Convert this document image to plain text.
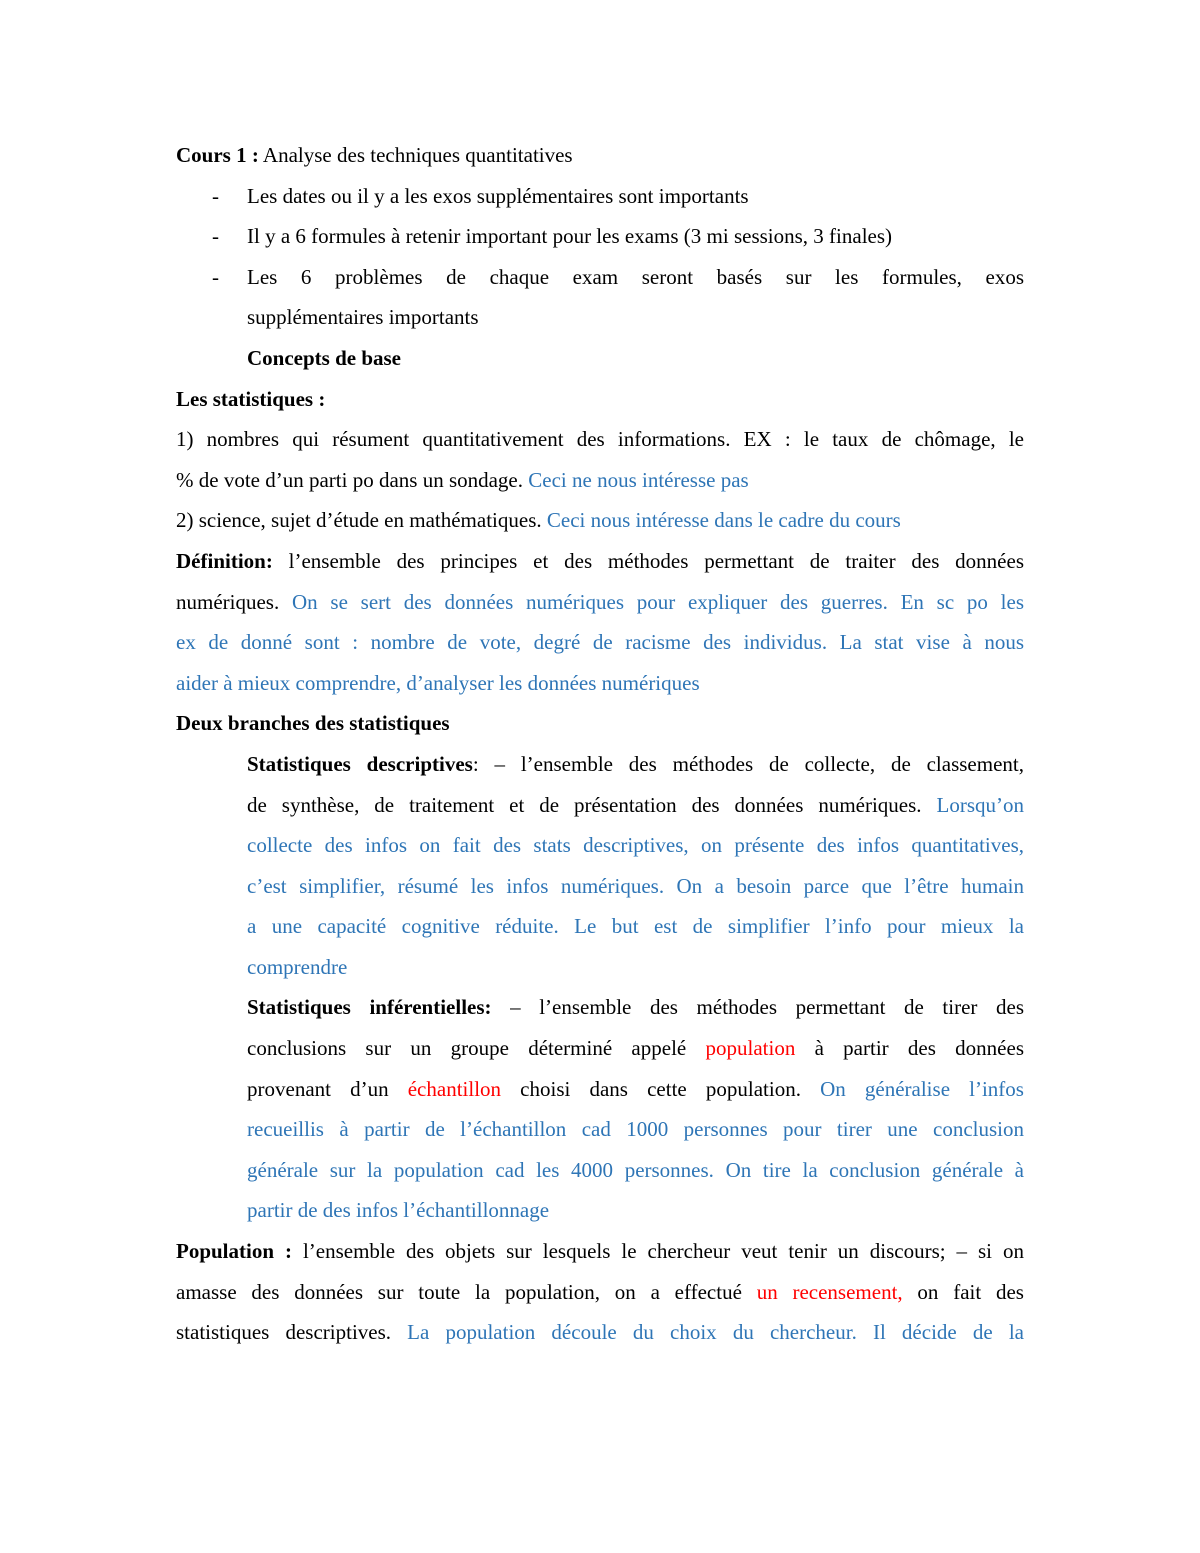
Cours 1 : Analyse des techniques quantitatives
- Les dates ou il y a les exos supplémentaires sont importants
- Il y a 6 formules à retenir important pour les exams (3 mi sessions, 3 finales)
- Les 6 problèmes de chaque exam seront basés sur les formules, exos
supplémentaires importants
Concepts de base
Les statistiques :
1) nombres qui résument quantitativement des informations. EX : le taux de chômage, le
% de vote d’un parti po dans un sondage. Ceci ne nous intéresse pas
2) science, sujet d’étude en mathématiques. Ceci nous intéresse dans le cadre du cours
Définition: l’ensemble des principes et des méthodes permettant de traiter des données
numériques. On se sert des données numériques pour expliquer des guerres. En sc po les
ex de donné sont : nombre de vote, degré de racisme des individus. La stat vise à nous
aider à mieux comprendre, d’analyser les données numériques
Deux branches des statistiques
Statistiques descriptives: – l’ensemble des méthodes de collecte, de classement,
de synthèse, de traitement et de présentation des données numériques. Lorsqu’on
collecte des infos on fait des stats descriptives, on présente des infos quantitatives,
c’est simplifier, résumé les infos numériques. On a besoin parce que l’être humain
a une capacité cognitive réduite. Le but est de simplifier l’info pour mieux la
comprendre
Statistiques inférentielles: – l’ensemble des méthodes permettant de tirer des
conclusions sur un groupe déterminé appelé population à partir des données
provenant d’un échantillon choisi dans cette population. On généralise l’infos
recueillis à partir de l’échantillon cad 1000 personnes pour tirer une conclusion
générale sur la population cad les 4000 personnes. On tire la conclusion générale à
partir de des infos l’échantillonnage
Population : l’ensemble des objets sur lesquels le chercheur veut tenir un discours; – si on
amasse des données sur toute la population, on a effectué un recensement, on fait des
statistiques descriptives. La population découle du choix du chercheur. Il décide de la
